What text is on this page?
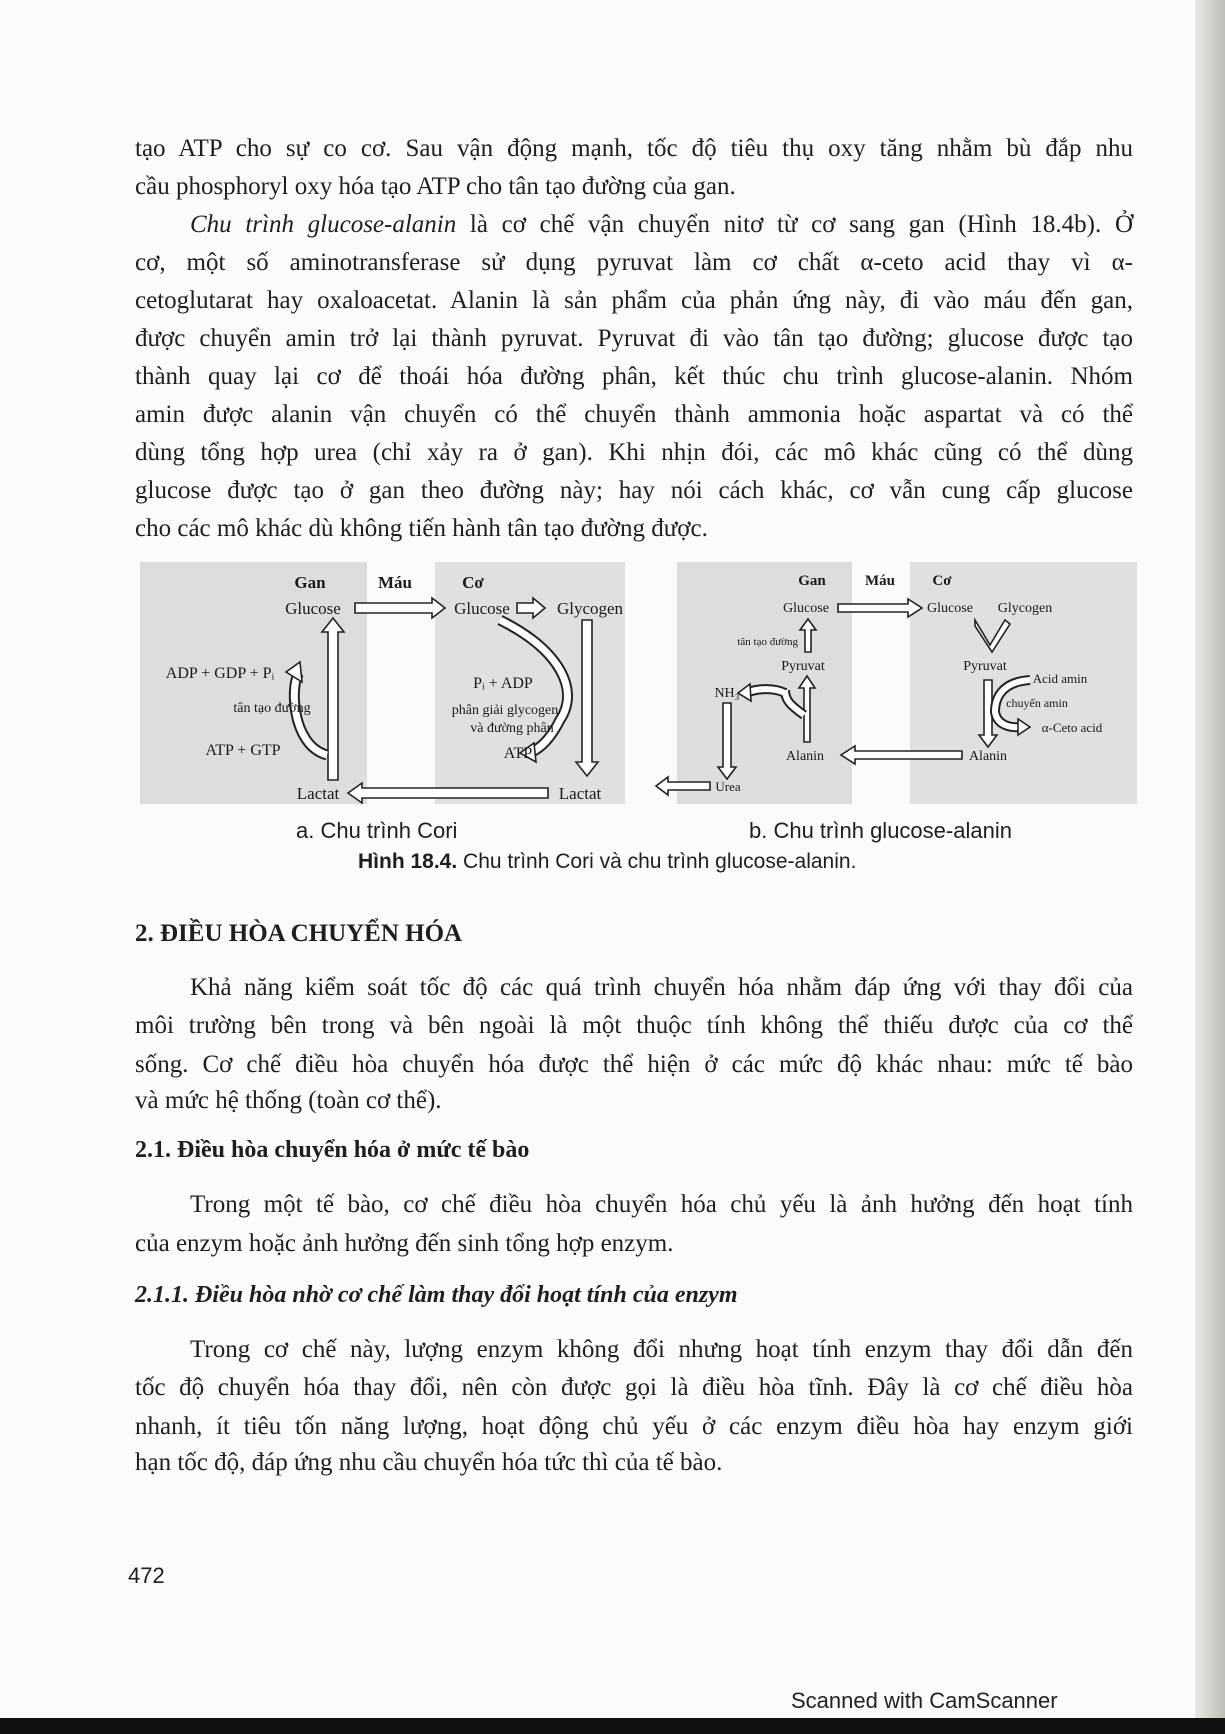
tạo ATP cho sự co cơ. Sau vận động mạnh, tốc độ tiêu thụ oxy tăng nhằm bù đắp nhu
cầu phosphoryl oxy hóa tạo ATP cho tân tạo đường của gan.
Chu trình glucose-alanin là cơ chế vận chuyển nitơ từ cơ sang gan (Hình 18.4b). Ở
cơ, một số aminotransferase sử dụng pyruvat làm cơ chất α-ceto acid thay vì α-
cetoglutarat hay oxaloacetat. Alanin là sản phẩm của phản ứng này, đi vào máu đến gan,
được chuyển amin trở lại thành pyruvat. Pyruvat đi vào tân tạo đường; glucose được tạo
thành quay lại cơ để thoái hóa đường phân, kết thúc chu trình glucose-alanin. Nhóm
amin được alanin vận chuyển có thể chuyển thành ammonia hoặc aspartat và có thể
dùng tổng hợp urea (chỉ xảy ra ở gan). Khi nhịn đói, các mô khác cũng có thể dùng
glucose được tạo ở gan theo đường này; hay nói cách khác, cơ vẫn cung cấp glucose
cho các mô khác dù không tiến hành tân tạo đường được.
Gan	Máu	Cơ
Glucose	Glucose	Glycogen
ADP + GDP + Pᵢ
tân tạo đường
ATP + GTP
Pᵢ + ADP
phân giải glycogen
và đường phân
ATP
Lactat	Lactat
Gan	Máu Cơ
Glucose	Glucose Glycogen
tân tạo đường
Pyruvat	Pyruvat
Acid amin
NH₃
chuyển amin
α-Ceto acid
Alanin	Alanin
Urea
a. Chu trình Cori	b. Chu trình glucose-alanin
Hình 18.4. Chu trình Cori và chu trình glucose-alanin.
2. ĐIỀU HÒA CHUYỂN HÓA
Khả năng kiểm soát tốc độ các quá trình chuyển hóa nhằm đáp ứng với thay đổi của
môi trường bên trong và bên ngoài là một thuộc tính không thể thiếu được của cơ thể
sống. Cơ chế điều hòa chuyển hóa được thể hiện ở các mức độ khác nhau: mức tế bào
và mức hệ thống (toàn cơ thể).
2.1. Điều hòa chuyển hóa ở mức tế bào
Trong một tế bào, cơ chế điều hòa chuyển hóa chủ yếu là ảnh hưởng đến hoạt tính
của enzym hoặc ảnh hưởng đến sinh tổng hợp enzym.
2.1.1. Điều hòa nhờ cơ chế làm thay đổi hoạt tính của enzym
Trong cơ chế này, lượng enzym không đổi nhưng hoạt tính enzym thay đổi dẫn đến
tốc độ chuyển hóa thay đổi, nên còn được gọi là điều hòa tĩnh. Đây là cơ chế điều hòa
nhanh, ít tiêu tốn năng lượng, hoạt động chủ yếu ở các enzym điều hòa hay enzym giới
hạn tốc độ, đáp ứng nhu cầu chuyển hóa tức thì của tế bào.
472
Scanned with CamScanner
